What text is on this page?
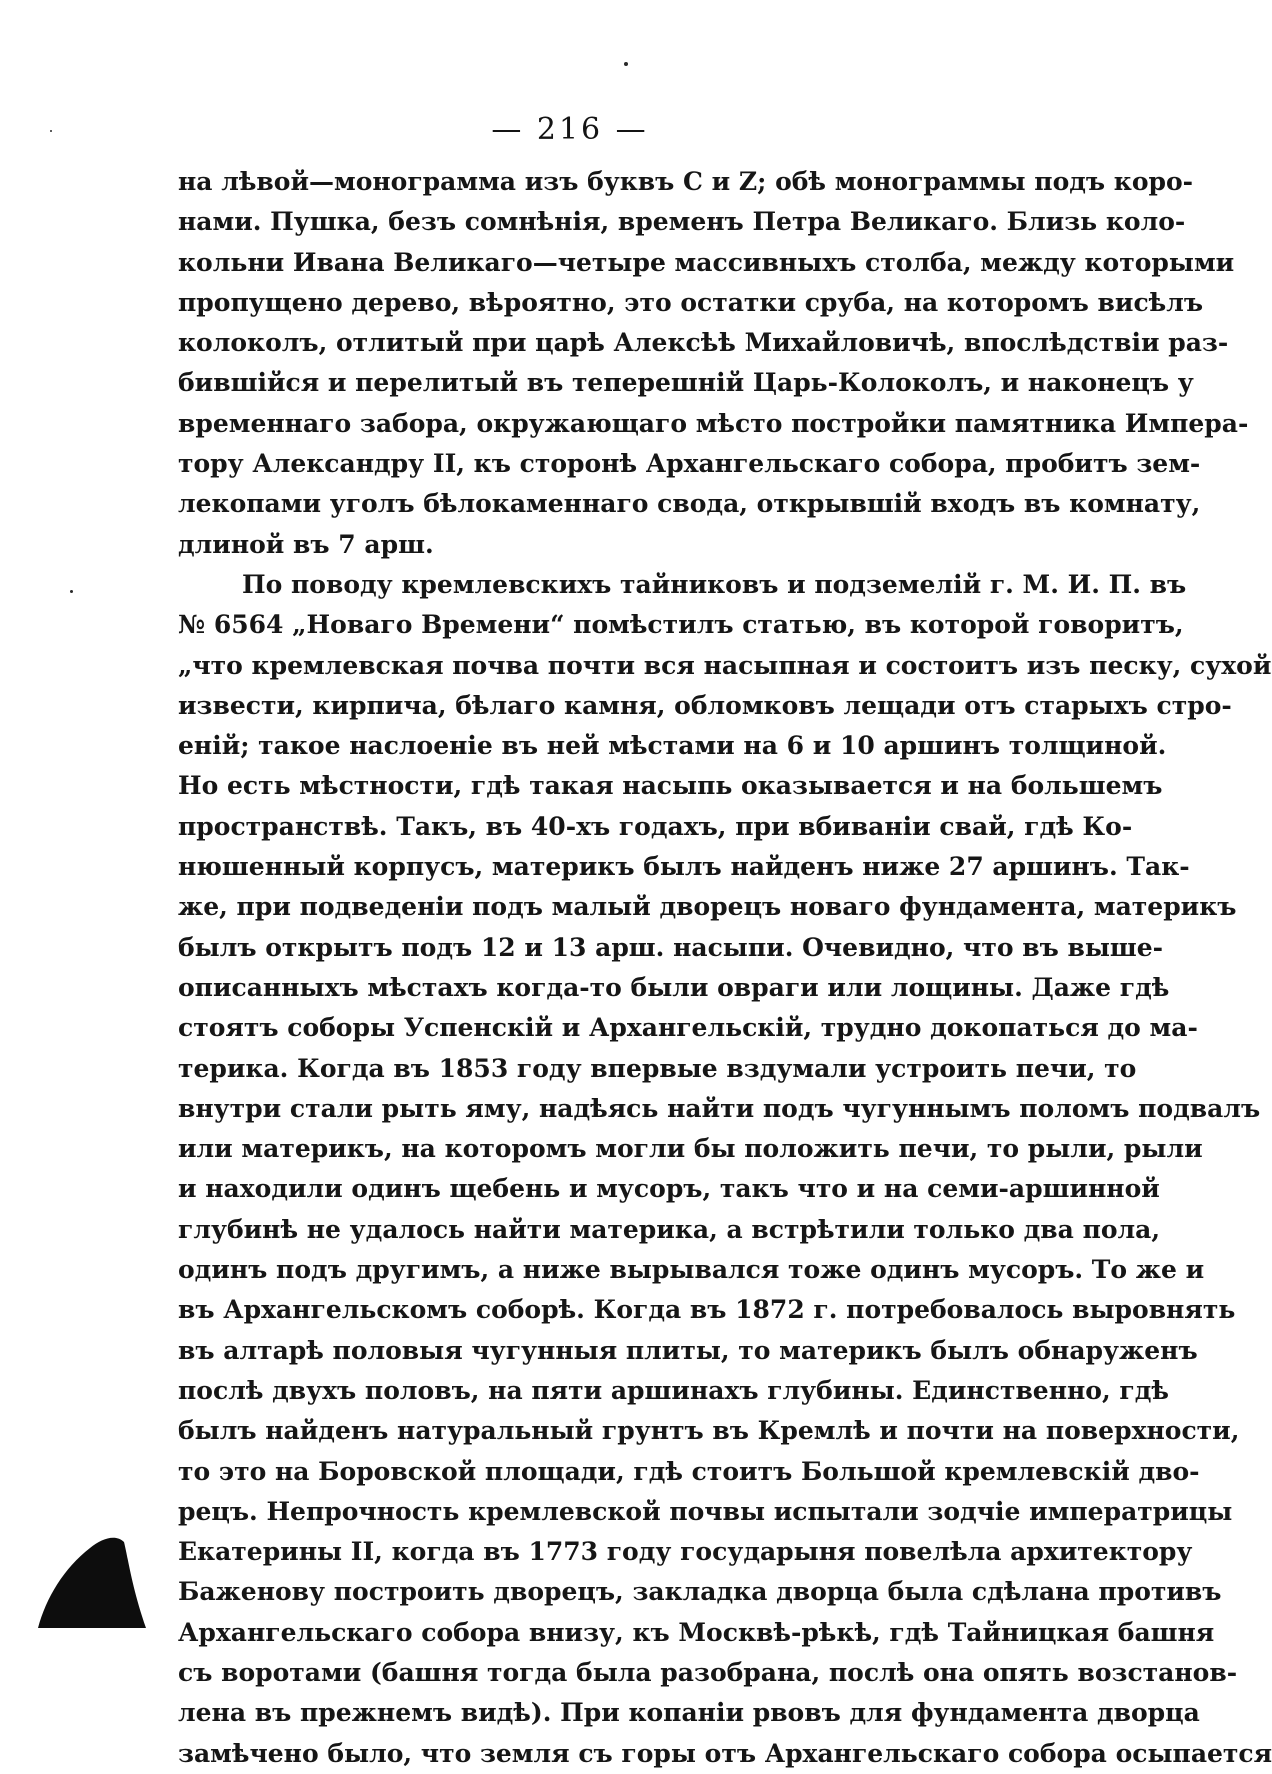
— 216 —
на лѣвой—монограмма изъ буквъ C и Z; обѣ монограммы подъ коро-
нами. Пушка, безъ сомнѣнія, временъ Петра Великаго. Близь коло-
кольни Ивана Великаго—четыре массивныхъ столба, между которыми
пропущено дерево, вѣроятно, это остатки сруба, на которомъ висѣлъ
колоколъ, отлитый при царѣ Алексѣѣ Михайловичѣ, впослѣдствіи раз-
бившійся и перелитый въ теперешній Царь-Колоколъ, и наконецъ у
временнаго забора, окружающаго мѣсто постройки памятника Импера-
тору Александру II, къ сторонѣ Архангельскаго собора, пробитъ зем-
лекопами уголъ бѣлокаменнаго свода, открывшій входъ въ комнату,
длиной въ 7 арш.
По поводу кремлевскихъ тайниковъ и подземелій г. М. И. П. въ
№ 6564 „Новаго Времени“ помѣстилъ статью, въ которой говоритъ,
„что кремлевская почва почти вся насыпная и состоитъ изъ песку, сухой
извести, кирпича, бѣлаго камня, обломковъ лещади отъ старыхъ стро-
еній; такое наслоеніе въ ней мѣстами на 6 и 10 аршинъ толщиной.
Но есть мѣстности, гдѣ такая насыпь оказывается и на большемъ
пространствѣ. Такъ, въ 40-хъ годахъ, при вбиваніи свай, гдѣ Ко-
нюшенный корпусъ, материкъ былъ найденъ ниже 27 аршинъ. Так-
же, при подведеніи подъ малый дворецъ новаго фундамента, материкъ
былъ открытъ подъ 12 и 13 арш. насыпи. Очевидно, что въ выше-
описанныхъ мѣстахъ когда-то были овраги или лощины. Даже гдѣ
стоятъ соборы Успенскій и Архангельскій, трудно докопаться до ма-
терика. Когда въ 1853 году впервые вздумали устроить печи, то
внутри стали рыть яму, надѣясь найти подъ чугуннымъ поломъ подвалъ
или материкъ, на которомъ могли бы положить печи, то рыли, рыли
и находили одинъ щебень и мусоръ, такъ что и на семи-аршинной
глубинѣ не удалось найти материка, а встрѣтили только два пола,
одинъ подъ другимъ, а ниже вырывался тоже одинъ мусоръ. То же и
въ Архангельскомъ соборѣ. Когда въ 1872 г. потребовалось выровнять
въ алтарѣ половыя чугунныя плиты, то материкъ былъ обнаруженъ
послѣ двухъ половъ, на пяти аршинахъ глубины. Единственно, гдѣ
былъ найденъ натуральный грунтъ въ Кремлѣ и почти на поверхности,
то это на Боровской площади, гдѣ стоитъ Большой кремлевскій дво-
рецъ. Непрочность кремлевской почвы испытали зодчіе императрицы
Екатерины II, когда въ 1773 году государыня повелѣла архитектору
Баженову построить дворецъ, закладка дворца была сдѣлана противъ
Архангельскаго собора внизу, къ Москвѣ-рѣкѣ, гдѣ Тайницкая башня
съ воротами (башня тогда была разобрана, послѣ она опять возстанов-
лена въ прежнемъ видѣ). При копаніи рвовъ для фундамента дворца
замѣчено было, что земля съ горы отъ Архангельскаго собора осыпается
